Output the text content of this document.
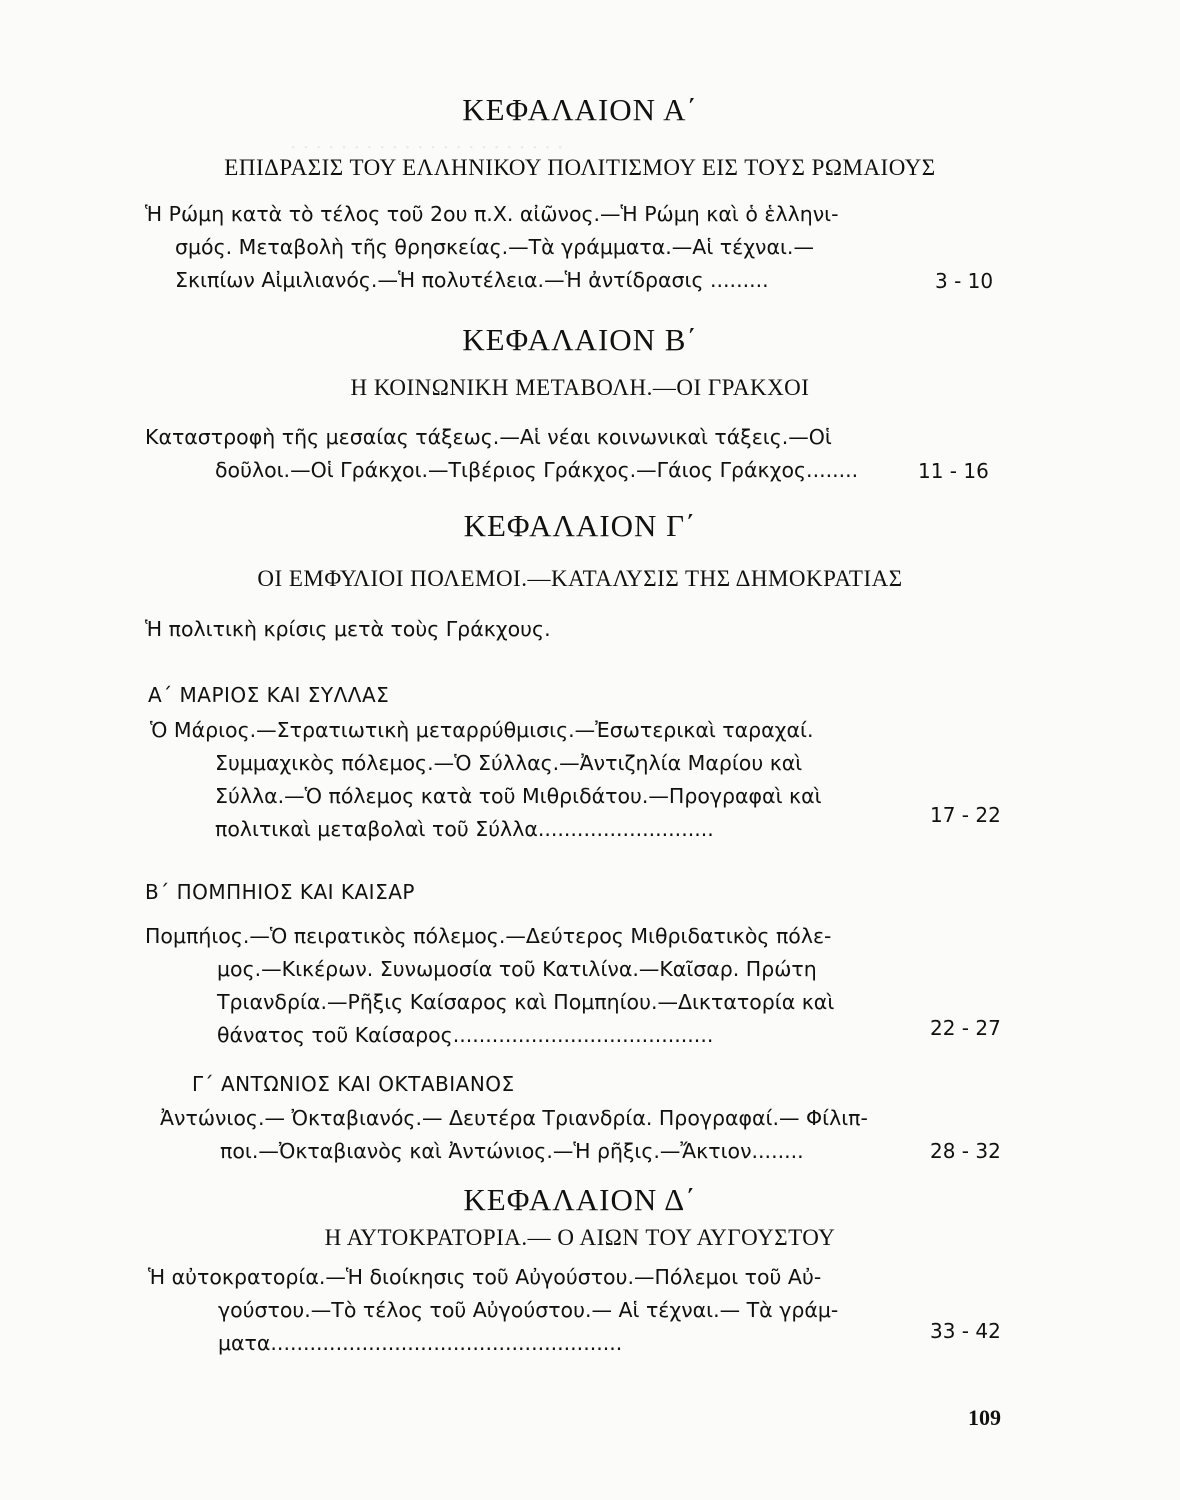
· · · · · · · · · · · · · · · · · · · · · ·
ΚΕΦΑΛΑΙΟΝ Α΄
ΕΠΙΔΡΑΣΙΣ ΤΟΥ ΕΛΛΗΝΙΚΟΥ ΠΟΛΙΤΙΣΜΟΥ ΕΙΣ ΤΟΥΣ ΡΩΜΑΙΟΥΣ
Ἡ Ρώμη κατὰ τὸ τέλος τοῦ 2ου π.Χ. αἰῶνος.—Ἡ Ρώμη καὶ ὁ ἑλληνι-
σμός. Μεταβολὴ τῆς θρησκείας.—Τὰ γράμματα.—Αἱ τέχναι.—
Σκιπίων Αἰμιλιανός.—Ἡ πολυτέλεια.—Ἡ ἀντίδρασις .........	3 - 10
ΚΕΦΑΛΑΙΟΝ Β΄
Η ΚΟΙΝΩΝΙΚΗ ΜΕΤΑΒΟΛΗ.—ΟΙ ΓΡΑΚΧΟΙ
Καταστροφὴ τῆς μεσαίας τάξεως.—Αἱ νέαι κοινωνικαὶ τάξεις.—Οἱ
δοῦλοι.—Οἱ Γράκχοι.—Τιβέριος Γράκχος.—Γάιος Γράκχος........	11 - 16
ΚΕΦΑΛΑΙΟΝ Γ΄
ΟΙ ΕΜΦΥΛΙΟΙ ΠΟΛΕΜΟΙ.—ΚΑΤΑΛΥΣΙΣ ΤΗΣ ΔΗΜΟΚΡΑΤΙΑΣ
Ἡ πολιτικὴ κρίσις μετὰ τοὺς Γράκχους.
Α΄ ΜΑΡΙΟΣ ΚΑΙ ΣΥΛΛΑΣ
Ὁ Μάριος.—Στρατιωτικὴ μεταρρύθμισις.—Ἐσωτερικαὶ ταραχαί.
Συμμαχικὸς πόλεμος.—Ὁ Σύλλας.—Ἀντιζηλία Μαρίου καὶ
Σύλλα.—Ὁ πόλεμος κατὰ τοῦ Μιθριδάτου.—Προγραφαὶ καὶ
πολιτικαὶ μεταβολαὶ τοῦ Σύλλα...........................
17 - 22
Β΄ ΠΟΜΠΗΙΟΣ ΚΑΙ ΚΑΙΣΑΡ
Πομπήιος.—Ὁ πειρατικὸς πόλεμος.—Δεύτερος Μιθριδατικὸς πόλε-
μος.—Κικέρων. Συνωμοσία τοῦ Κατιλίνα.—Καῖσαρ. Πρώτη
Τριανδρία.—Ρῆξις Καίσαρος καὶ Πομπηίου.—Δικτατορία καὶ
θάνατος τοῦ Καίσαρος........................................	22 - 27
Γ΄ ΑΝΤΩΝΙΟΣ ΚΑΙ ΟΚΤΑΒΙΑΝΟΣ
Ἀντώνιος.— Ὀκταβιανός.— Δευτέρα Τριανδρία. Προγραφαί.— Φίλιπ-
ποι.—Ὀκταβιανὸς καὶ Ἀντώνιος.—Ἡ ρῆξις.—Ἄκτιον........	28 - 32
ΚΕΦΑΛΑΙΟΝ Δ΄
Η ΑΥΤΟΚΡΑΤΟΡΙΑ.— Ο ΑΙΩΝ ΤΟΥ ΑΥΓΟΥΣΤΟΥ
Ἡ αὐτοκρατορία.—Ἡ διοίκησις τοῦ Αὐγούστου.—Πόλεμοι τοῦ Αὐ-
γούστου.—Τὸ τέλος τοῦ Αὐγούστου.— Αἱ τέχναι.— Τὰ γράμ-
ματα......................................................	33 - 42
109
